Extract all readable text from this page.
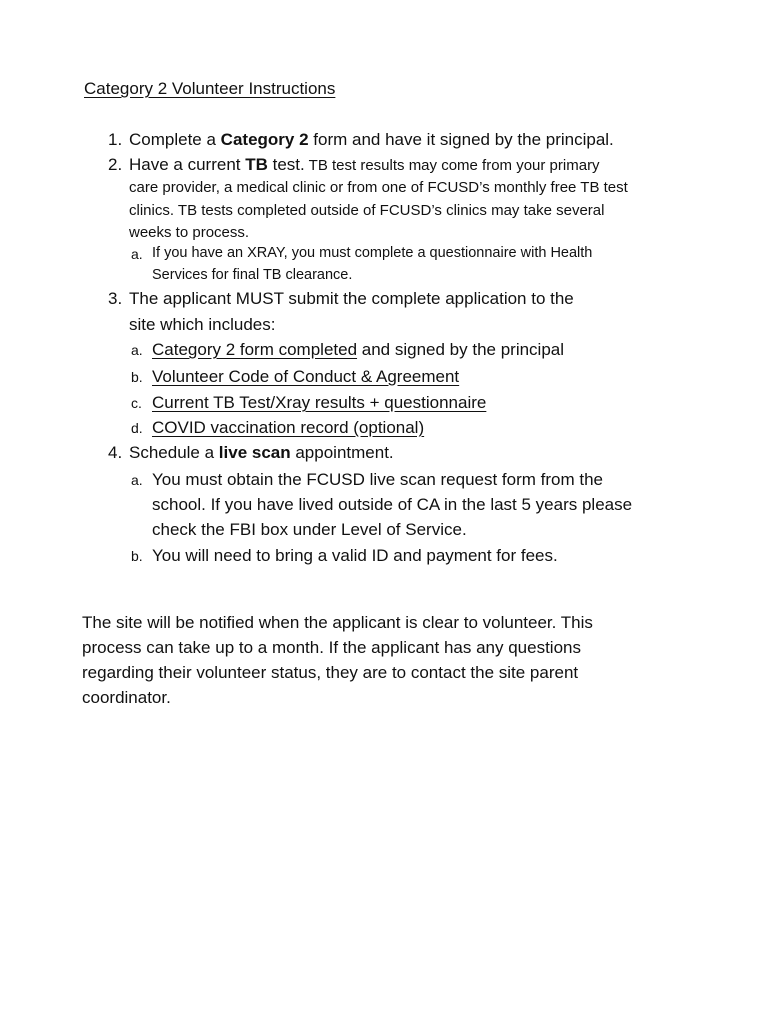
Category 2 Volunteer Instructions
1. Complete a Category 2 form and have it signed by the principal.
2. Have a current TB test. TB test results may come from your primary
care provider, a medical clinic or from one of FCUSD’s monthly free TB test
clinics. TB tests completed outside of FCUSD’s clinics may take several
weeks to process.
a. If you have an XRAY, you must complete a questionnaire with Health
Services for final TB clearance.
3. The applicant MUST submit the complete application to the
site which includes:
a. Category 2 form completed and signed by the principal
b. Volunteer Code of Conduct & Agreement
c. Current TB Test/Xray results + questionnaire
d. COVID vaccination record (optional)
4. Schedule a live scan appointment.
a. You must obtain the FCUSD live scan request form from the
school. If you have lived outside of CA in the last 5 years please
check the FBI box under Level of Service.
b. You will need to bring a valid ID and payment for fees.
The site will be notified when the applicant is clear to volunteer. This
process can take up to a month. If the applicant has any questions
regarding their volunteer status, they are to contact the site parent
coordinator.
